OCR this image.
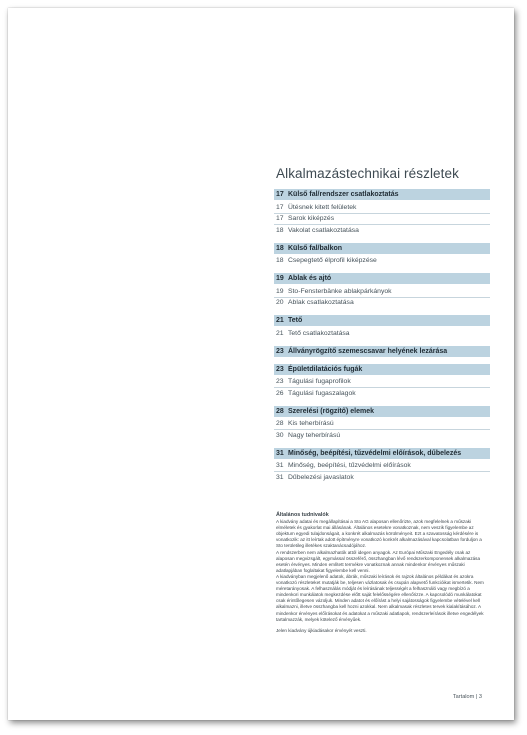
Alkalmazástechnikai részletek
17 Külső fal/rendszer csatlakoztatás
17 Ütésnek kitett felületek
17 Sarok kiképzés
18 Vakolat csatlakoztatása
18 Külső fal/balkon
18 Csepegtető élprofil kiképzése
19 Ablak és ajtó
19 Sto-Fensterbänke ablakpárkányok
20 Ablak csatlakoztatása
21 Tető
21 Tető csatlakoztatása
23 Állványrögzítő szemescsavar helyének lezárása
23 Épületdilatációs fugák
23 Tágulási fugaprofilok
26 Tágulási fugaszalagok
28 Szerelési (rögzítő) elemek
28 Kis teherbírású
30 Nagy teherbírású
31 Minőség, beépítési, tűzvédelmi előírások, dűbelezés
31 Minőség, beépítési, tűzvédelmi előírások
31 Dűbelezési javaslatok
Általános tudnivalók

A kiadvány adatai és megállapításai a Sto AG alaposan ellenőrizte, azok megfelelnek a műszaki elméletek és gyakorlat mai állásának. Általános esetekre vonatkoznak, nem veszik figyelembe az objektum egyedi tulajdonságait, a konkrét alkalmazás körülményeit. Ezt a szavatosság kérdésére is vonatkozik: az itt leírtak adott építményre vonatkozó konkrét alkalmazásával kapcsolatban forduljon a Sto területileg illetékes szaktanácsadójához.

A rendszerben nem alkalmazhatók attól idegen anyagok. Az Európai Műszaki Engedély csak az alaposan megvizsgált, egymással összeférő, összhangban lévő rendszerkomponensek alkalmazása esetén érvényes. Minden említett termékre vonatkoznak annak mindenkor érvényes műszaki adatlapjában foglaltakat figyelembe kell venni.

A kiadványban megjelenő adatok, ábrák, műszaki leírások és rajzok általános példákat és azokra vonatkozó részleteket mutatják be, teljesen vázlatosak és csupán alapvető funkcióikat ismertetik. Nem méretarányosak. A felhasználás módját és leírásának teljességét a felhasználó vagy megbízó a mindenkori munkálatok megkezdése előtt saját felelősségére ellenőrizze. A kapcsolódó munkálatokat csak érintőlegesen vázoljuk. Minden adatot és előírást a helyi sajátosságok figyelembe vételével kell alkalmazni, illetve összhangba kell hozni azokkal. Nem alkalmasak részletes tervek kialakításához. A mindenkor érvényes előírásokat és adatokat a műszaki adatlapok, rendszerleírások illetve engedélyek tartalmazzák, melyek kötelező érvényűek.

Jelen kiadvány újkiadásakor érvényét veszti.

Tartalom | 3
